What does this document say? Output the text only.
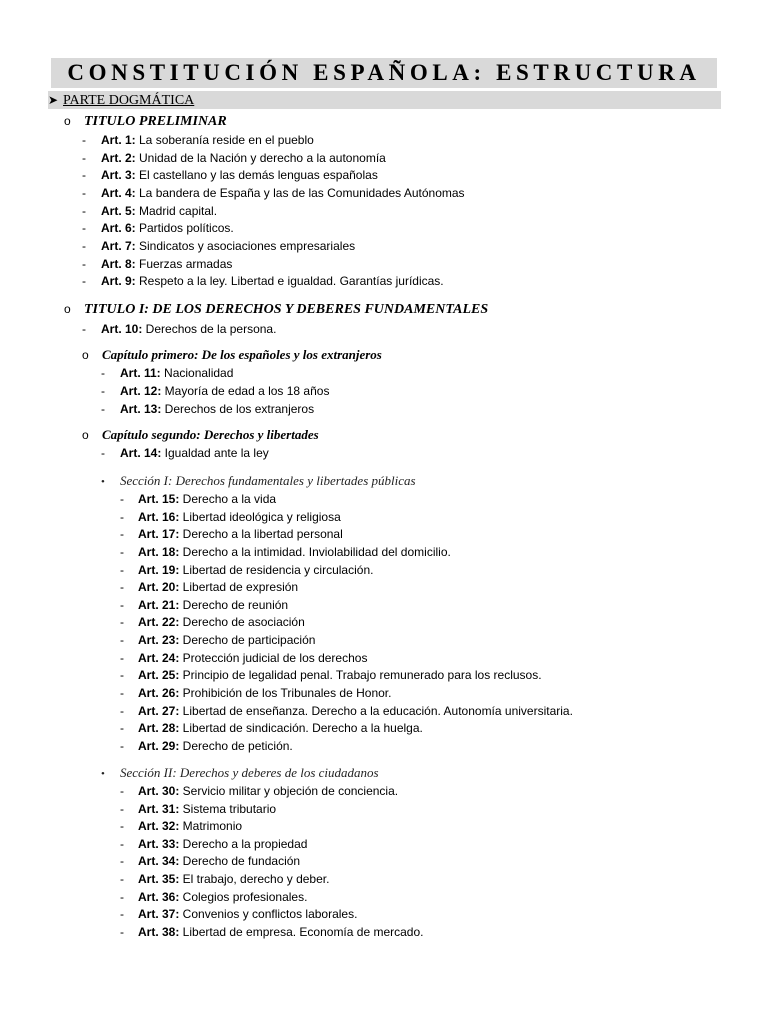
CONSTITUCIÓN ESPAÑOLA: ESTRUCTURA
➤ PARTE DOGMÁTICA
o TITULO PRELIMINAR
- Art. 1: La soberanía reside en el pueblo
- Art. 2: Unidad de la Nación y derecho a la autonomía
- Art. 3: El castellano y las demás lenguas españolas
- Art. 4: La bandera de España y las de las Comunidades Autónomas
- Art. 5: Madrid capital.
- Art. 6: Partidos políticos.
- Art. 7: Sindicatos y asociaciones empresariales
- Art. 8: Fuerzas armadas
- Art. 9: Respeto a la ley. Libertad e igualdad. Garantías jurídicas.
o TITULO I: DE LOS DERECHOS Y DEBERES FUNDAMENTALES
- Art. 10: Derechos de la persona.
o Capítulo primero: De los españoles y los extranjeros
- Art. 11: Nacionalidad
- Art. 12: Mayoría de edad a los 18 años
- Art. 13: Derechos de los extranjeros
o Capítulo segundo: Derechos y libertades
- Art. 14: Igualdad ante la ley
• Sección I: Derechos fundamentales y libertades públicas
- Art. 15: Derecho a la vida
- Art. 16: Libertad ideológica y religiosa
- Art. 17: Derecho a la libertad personal
- Art. 18: Derecho a la intimidad. Inviolabilidad del domicilio.
- Art. 19: Libertad de residencia y circulación.
- Art. 20: Libertad de expresión
- Art. 21: Derecho de reunión
- Art. 22: Derecho de asociación
- Art. 23: Derecho de participación
- Art. 24: Protección judicial de los derechos
- Art. 25: Principio de legalidad penal. Trabajo remunerado para los reclusos.
- Art. 26: Prohibición de los Tribunales de Honor.
- Art. 27: Libertad de enseñanza. Derecho a la educación. Autonomía universitaria.
- Art. 28: Libertad de sindicación. Derecho a la huelga.
- Art. 29: Derecho de petición.
• Sección II: Derechos y deberes de los ciudadanos
- Art. 30: Servicio militar y objeción de conciencia.
- Art. 31: Sistema tributario
- Art. 32: Matrimonio
- Art. 33: Derecho a la propiedad
- Art. 34: Derecho de fundación
- Art. 35: El trabajo, derecho y deber.
- Art. 36: Colegios profesionales.
- Art. 37: Convenios y conflictos laborales.
- Art. 38: Libertad de empresa. Economía de mercado.
